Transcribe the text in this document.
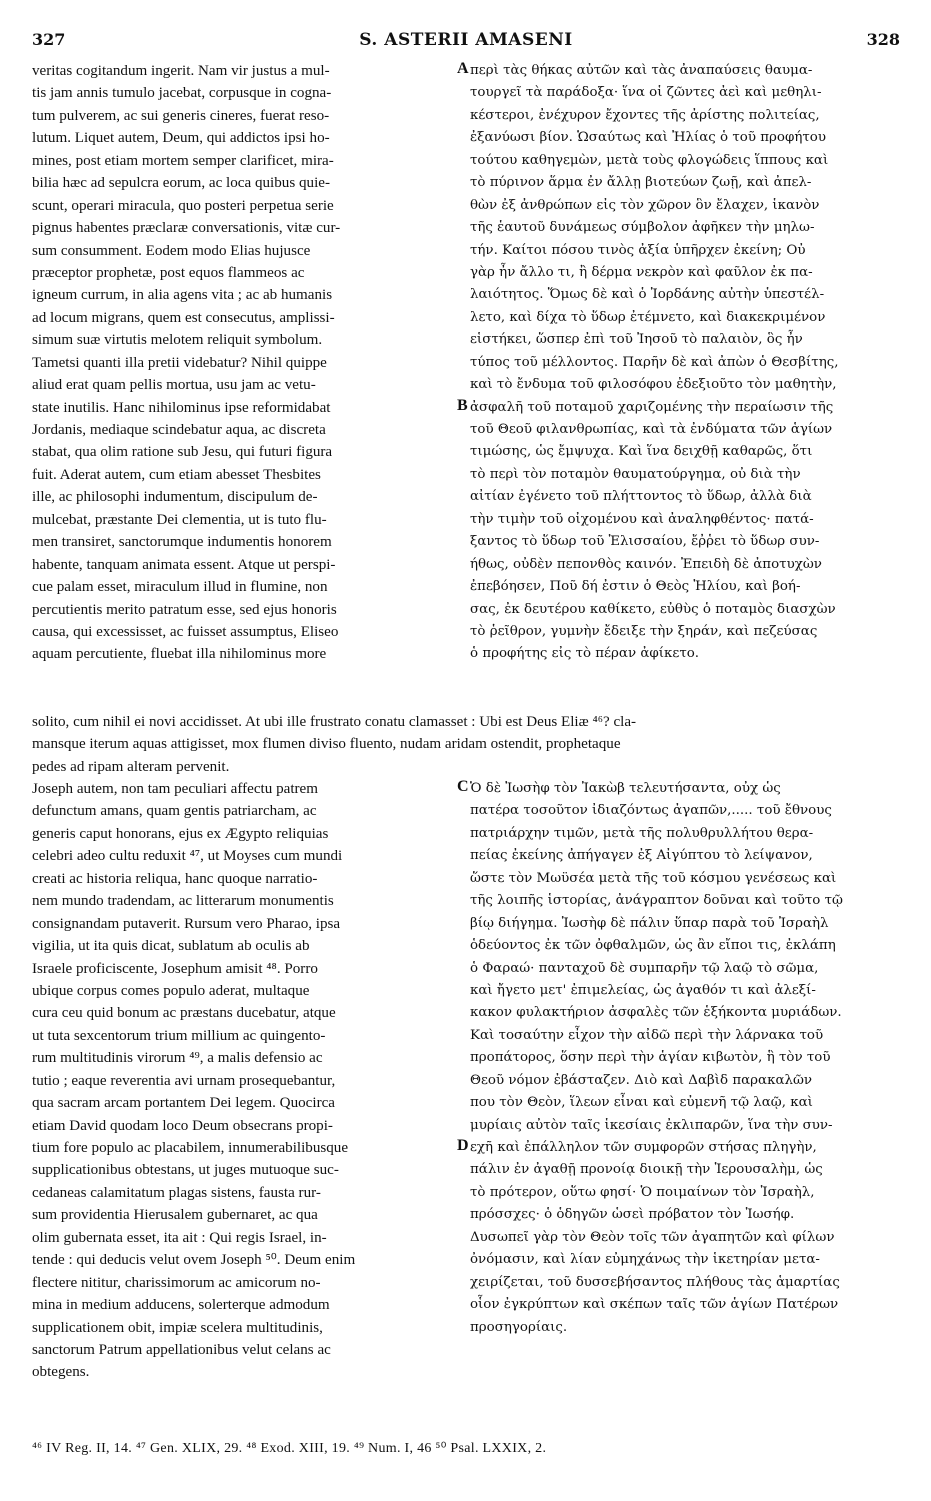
327	S. ASTERII AMASENI	328
veritas cogitandum ingerit. Nam vir justus a mul-
tis jam annis tumulo jacebat, corpusque in cogna-
tum pulverem, ac sui generis cineres, fuerat reso-
lutum. Liquet autem, Deum, qui addictos ipsi ho-
mines, post etiam mortem semper clarificet, mira-
bilia hæc ad sepulcra eorum, ac loca quibus quie-
scunt, operari miracula, quo posteri perpetua serie
pignus habentes præclaræ conversationis, vitæ cur-
sum consumment. Eodem modo Elias hujusce
præceptor prophetæ, post equos flammeos ac
igneum currum, in alia agens vita ; ac ab humanis
ad locum migrans, quem est consecutus, amplissi-
simum suæ virtutis melotem reliquit symbolum.
Tametsi quanti illa pretii videbatur? Nihil quippe
aliud erat quam pellis mortua, usu jam ac vetu-
state inutilis. Hanc nihilominus ipse reformidabat
Jordanis, mediaque scindebatur aqua, ac discreta
stabat, qua olim ratione sub Jesu, qui futuri figura
fuit. Aderat autem, cum etiam abesset Thesbites
ille, ac philosophi indumentum, discipulum de-
mulcebat, præstante Dei clementia, ut is tuto flu-
men transiret, sanctorumque indumentis honorem
habente, tanquam animata essent. Atque ut perspi-
cue palam esset, miraculum illud in flumine, non
percutientis merito patratum esse, sed ejus honoris
causa, qui excessisset, ac fuisset assumptus, Eliseo
aquam percutiente, fluebat illa nihilominus more
περὶ τὰς θήκας αὐτῶν καὶ τὰς ἀναπαύσεις θαυμα-
τουργεῖ τὰ παράδοξα· ἵνα οἱ ζῶντες ἀεὶ καὶ μεθηλι-
κέστεροι, ἐνέχυρον ἔχοντες τῆς ἀρίστης πολιτείας,
ἐξανύωσι βίον. Ὡσαύτως καὶ Ἠλίας ὁ τοῦ προφήτου
τούτου καθηγεμὼν, μετὰ τοὺς φλογώδεις ἵππους καὶ
τὸ πύρινον ἅρμα ἐν ἄλλῃ βιοτεύων ζωῇ, καὶ ἀπελ-
θὼν ἐξ ἀνθρώπων εἰς τὸν χῶρον ὃν ἔλαχεν, ἱκανὸν
τῆς ἑαυτοῦ δυνάμεως σύμβολον ἀφῆκεν τὴν μηλω-
τήν. Καίτοι πόσου τινὸς ἀξία ὑπῆρχεν ἐκείνη; Οὐ
γὰρ ἦν ἄλλο τι, ἢ δέρμα νεκρὸν καὶ φαῦλον ἐκ πα-
λαιότητος. Ὅμως δὲ καὶ ὁ Ἰορδάνης αὐτὴν ὑπεστέλ-
λετο, καὶ δίχα τὸ ὕδωρ ἐτέμνετο, καὶ διακεκριμένον
εἱστήκει, ὥσπερ ἐπὶ τοῦ Ἰησοῦ τὸ παλαιὸν, ὃς ἦν
τύπος τοῦ μέλλοντος. Παρῆν δὲ καὶ ἀπὼν ὁ Θεσβίτης,
καὶ τὸ ἔνδυμα τοῦ φιλοσόφου ἐδεξιοῦτο τὸν μαθητὴν,
ἀσφαλῆ τοῦ ποταμοῦ χαριζομένης τὴν περαίωσιν τῆς
τοῦ Θεοῦ φιλανθρωπίας, καὶ τὰ ἐνδύματα τῶν ἁγίων
τιμώσης, ὡς ἔμψυχα. Καὶ ἵνα δειχθῇ καθαρῶς, ὅτι
τὸ περὶ τὸν ποταμὸν θαυματούργημα, οὐ διὰ τὴν
αἰτίαν ἐγένετο τοῦ πλήττοντος τὸ ὕδωρ, ἀλλὰ διὰ
τὴν τιμὴν τοῦ οἰχομένου καὶ ἀναληφθέντος· πατά-
ξαντος τὸ ὕδωρ τοῦ Ἐλισσαίου, ἔῤῥει τὸ ὕδωρ συν-
ήθως, οὐδὲν πεπονθὸς καινόν. Ἐπειδὴ δὲ ἀποτυχὼν
ἐπεβόησεν, Ποῦ δή ἐστιν ὁ Θεὸς Ἠλίου, καὶ βοή-
σας, ἐκ δευτέρου καθίκετο, εὐθὺς ὁ ποταμὸς διασχὼν
τὸ ῥεῖθρον, γυμνὴν ἔδειξε τὴν ξηράν, καὶ πεζεύσας
ὁ προφήτης εἰς τὸ πέραν ἀφίκετο.
A
B
solito, cum nihil ei novi accidisset. At ubi ille frustrato conatu clamasset : Ubi est Deus Eliæ ⁴⁶? cla-
mansque iterum aquas attigisset, mox flumen diviso fluento, nudam aridam ostendit, prophetaque
pedes ad ripam alteram pervenit.
Joseph autem, non tam peculiari affectu patrem
defunctum amans, quam gentis patriarcham, ac
generis caput honorans, ejus ex Ægypto reliquias
celebri adeo cultu reduxit ⁴⁷, ut Moyses cum mundi
creati ac historia reliqua, hanc quoque narratio-
nem mundo tradendam, ac litterarum monumentis
consignandam putaverit. Rursum vero Pharao, ipsa
vigilia, ut ita quis dicat, sublatum ab oculis ab
Israele proficiscente, Josephum amisit ⁴⁸. Porro
ubique corpus comes populo aderat, multaque
cura ceu quid bonum ac præstans ducebatur, atque
ut tuta sexcentorum trium millium ac quingento-
rum multitudinis virorum ⁴⁹, a malis defensio ac
tutio ; eaque reverentia avi urnam prosequebantur,
qua sacram arcam portantem Dei legem. Quocirca
etiam David quodam loco Deum obsecrans propi-
tium fore populo ac placabilem, innumerabilibusque
supplicationibus obtestans, ut juges mutuoque suc-
cedaneas calamitatum plagas sistens, fausta rur-
sum providentia Hierusalem gubernaret, ac qua
olim gubernata esset, ita ait : Qui regis Israel, in-
tende : qui deducis velut ovem Joseph ⁵⁰. Deum enim
flectere nititur, charissimorum ac amicorum no-
mina in medium adducens, solerterque admodum
supplicationem obit, impiæ scelera multitudinis,
sanctorum Patrum appellationibus velut celans ac
obtegens.
Ὁ δὲ Ἰωσὴφ τὸν Ἰακὼβ τελευτήσαντα, οὐχ ὡς
πατέρα τοσοῦτον ἰδιαζόντως ἀγαπῶν,..... τοῦ ἔθνους
πατριάρχην τιμῶν, μετὰ τῆς πολυθρυλλήτου θερα-
πείας ἐκείνης ἀπήγαγεν ἐξ Αἰγύπτου τὸ λείψανον,
ὥστε τὸν Μωϋσέα μετὰ τῆς τοῦ κόσμου γενέσεως καὶ
τῆς λοιπῆς ἱστορίας, ἀνάγραπτον δοῦναι καὶ τοῦτο τῷ
βίῳ διήγημα. Ἰωσὴφ δὲ πάλιν ὕπαρ παρὰ τοῦ Ἰσραὴλ
ὁδεύοντος ἐκ τῶν ὀφθαλμῶν, ὡς ἂν εἴποι τις, ἐκλάπη
ὁ Φαραώ· πανταχοῦ δὲ συμπαρῆν τῷ λαῷ τὸ σῶμα,
καὶ ἤγετο μετ' ἐπιμελείας, ὡς ἀγαθόν τι καὶ ἀλεξί-
κακον φυλακτήριον ἀσφαλὲς τῶν ἑξήκοντα μυριάδων.
Καὶ τοσαύτην εἶχον τὴν αἰδῶ περὶ τὴν λάρνακα τοῦ
προπάτορος, ὅσην περὶ τὴν ἁγίαν κιβωτὸν, ἣ τὸν τοῦ
Θεοῦ νόμον ἐβάσταζεν. Διὸ καὶ Δαβὶδ παρακαλῶν
που τὸν Θεὸν, ἵλεων εἶναι καὶ εὐμενῆ τῷ λαῷ, καὶ
μυρίαις αὐτὸν ταῖς ἱκεσίαις ἐκλιπαρῶν, ἵνα τὴν συν-
εχῆ καὶ ἐπάλληλον τῶν συμφορῶν στήσας πληγὴν,
πάλιν ἐν ἀγαθῇ προνοίᾳ διοικῇ τὴν Ἱερουσαλὴμ, ὡς
τὸ πρότερον, οὕτω φησί· Ὁ ποιμαίνων τὸν Ἰσραὴλ,
πρόσσχες· ὁ ὁδηγῶν ὡσεὶ πρόβατον τὸν Ἰωσήφ.
Δυσωπεῖ γὰρ τὸν Θεὸν τοῖς τῶν ἀγαπητῶν καὶ φίλων
ὀνόμασιν, καὶ λίαν εὐμηχάνως τὴν ἱκετηρίαν μετα-
χειρίζεται, τοῦ δυσσεβήσαντος πλήθους τὰς ἁμαρτίας
οἷον ἐγκρύπτων καὶ σκέπων ταῖς τῶν ἁγίων Πατέρων
προσηγορίαις.
C
D
⁴⁶ IV Reg. II, 14. ⁴⁷ Gen. XLIX, 29. ⁴⁸ Exod. XIII, 19. ⁴⁹ Num. I, 46 ⁵⁰ Psal. LXXIX, 2.
